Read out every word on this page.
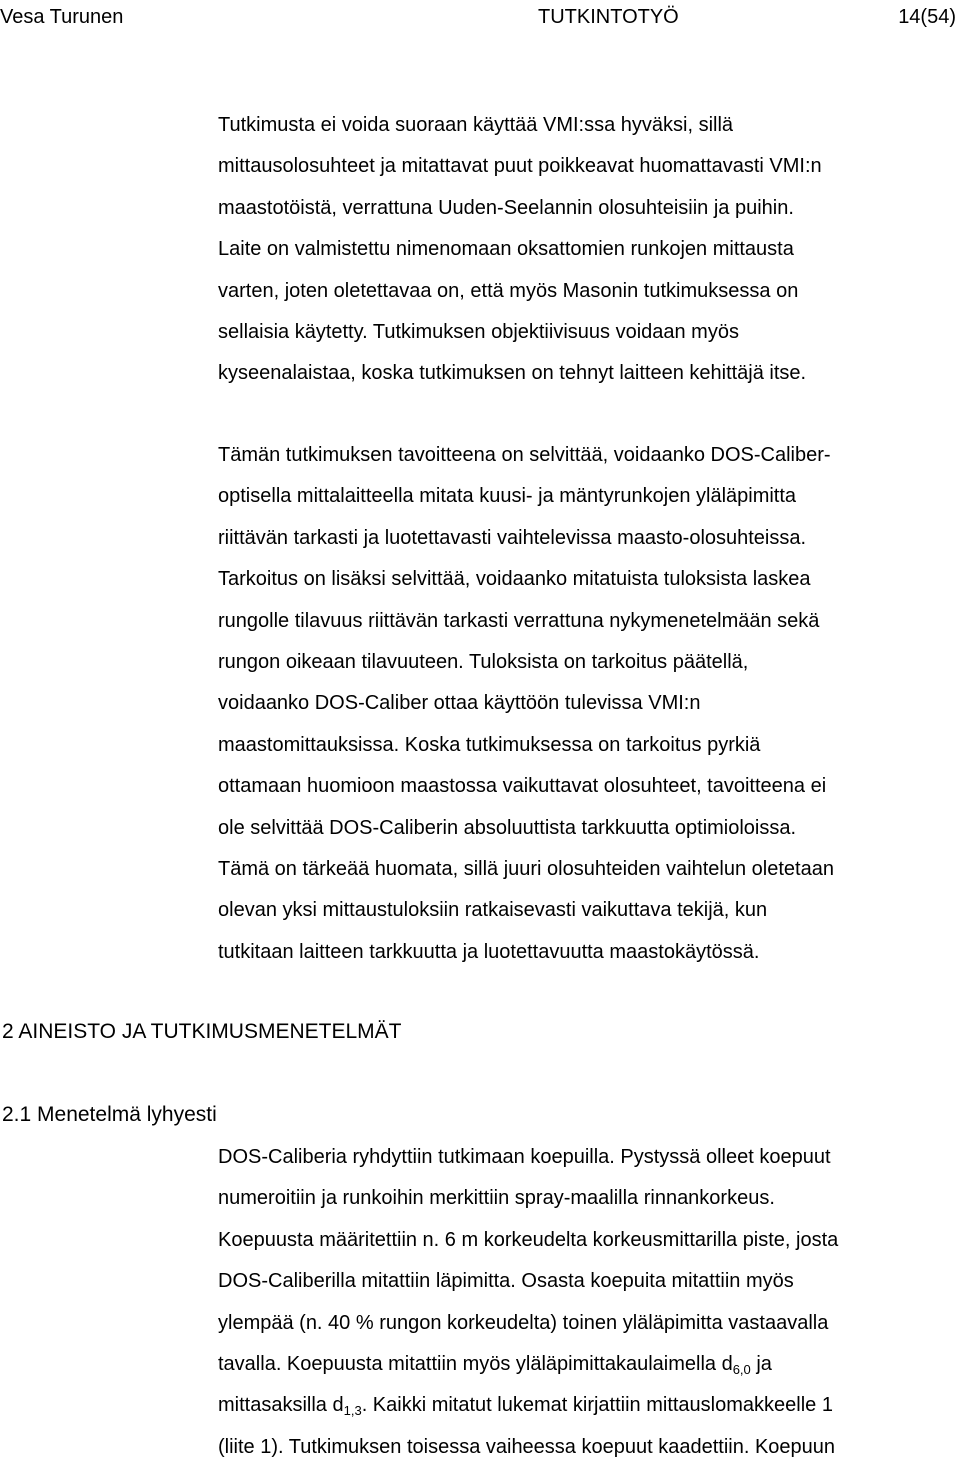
Vesa Turunen	TUTKINTOTYÖ	14(54)

Tutkimusta ei voida suoraan käyttää VMI:ssa hyväksi, sillä
mittausolosuhteet ja mitattavat puut poikkeavat huomattavasti VMI:n
maastotöistä, verrattuna Uuden-Seelannin olosuhteisiin ja puihin.
Laite on valmistettu nimenomaan oksattomien runkojen mittausta
varten, joten oletettavaa on, että myös Masonin tutkimuksessa on
sellaisia käytetty. Tutkimuksen objektiivisuus voidaan myös
kyseenalaistaa, koska tutkimuksen on tehnyt laitteen kehittäjä itse.

Tämän tutkimuksen tavoitteena on selvittää, voidaanko DOS-Caliber-
optisella mittalaitteella mitata kuusi- ja mäntyrunkojen yläläpimitta
riittävän tarkasti ja luotettavasti vaihtelevissa maasto-olosuhteissa.
Tarkoitus on lisäksi selvittää, voidaanko mitatuista tuloksista laskea
rungolle tilavuus riittävän tarkasti verrattuna nykymenetelmään sekä
rungon oikeaan tilavuuteen. Tuloksista on tarkoitus päätellä,
voidaanko DOS-Caliber ottaa käyttöön tulevissa VMI:n
maastomittauksissa. Koska tutkimuksessa on tarkoitus pyrkiä
ottamaan huomioon maastossa vaikuttavat olosuhteet, tavoitteena ei
ole selvittää DOS-Caliberin absoluuttista tarkkuutta optimioloissa.
Tämä on tärkeää huomata, sillä juuri olosuhteiden vaihtelun oletetaan
olevan yksi mittaustuloksiin ratkaisevasti vaikuttava tekijä, kun
tutkitaan laitteen tarkkuutta ja luotettavuutta maastokäytössä.

2 AINEISTO JA TUTKIMUSMENETELMÄT
2.1 Menetelmä lyhyesti

DOS-Caliberia ryhdyttiin tutkimaan koepuilla. Pystyssä olleet koepuut
numeroitiin ja runkoihin merkittiin spray-maalilla rinnankorkeus.
Koepuusta määritettiin n. 6 m korkeudelta korkeusmittarilla piste, josta
DOS-Caliberilla mitattiin läpimitta. Osasta koepuita mitattiin myös
ylempää (n. 40 % rungon korkeudelta) toinen yläläpimitta vastaavalla
tavalla. Koepuusta mitattiin myös yläläpimittakaulaimella $d_{6,0}$ ja
mittasaksilla $d_{1,3}$. Kaikki mitatut lukemat kirjattiin mittauslomakkeelle 1
(liite 1). Tutkimuksen toisessa vaiheessa koepuut kaadettiin. Koepuun
